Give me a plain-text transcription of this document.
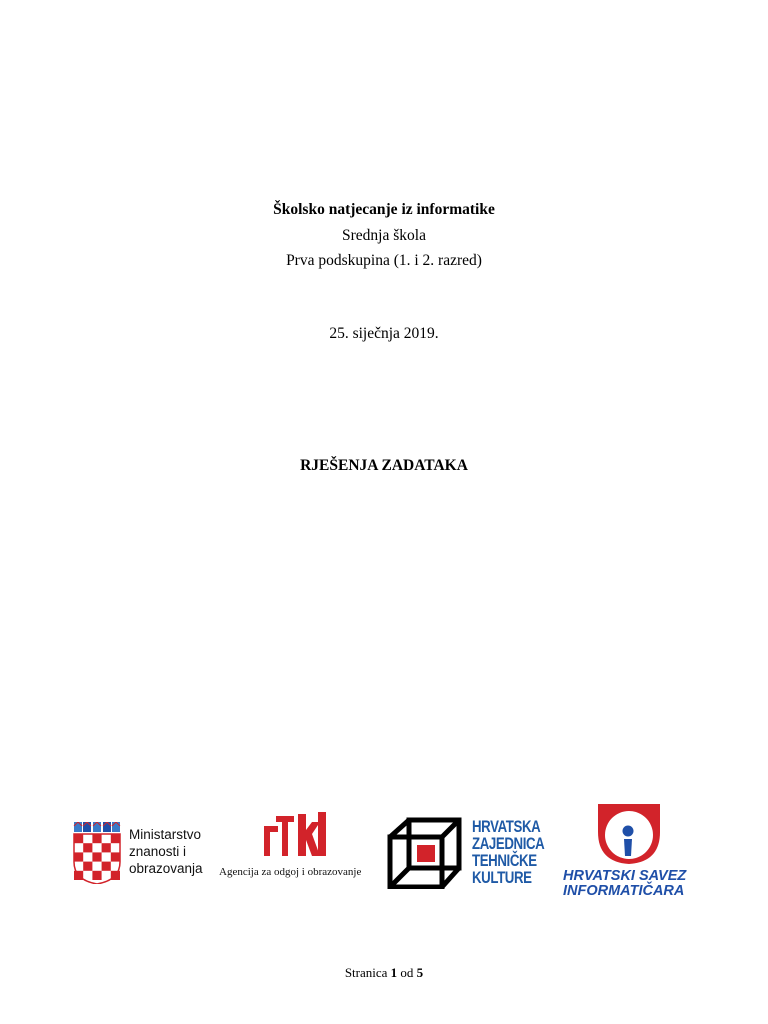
Školsko natjecanje iz informatike
Srednja škola
Prva podskupina (1. i 2. razred)
25. siječnja 2019.
RJEŠENJA ZADATAKA
Ministarstvo
znanosti i
obrazovanja	Agencija za odgoj i obrazovanje
HRVATSKA
ZAJEDNICA
TEHNIČKE
KULTURE	HRVATSKI SAVEZ
INFORMATIČARA
Stranica 1 od 5
